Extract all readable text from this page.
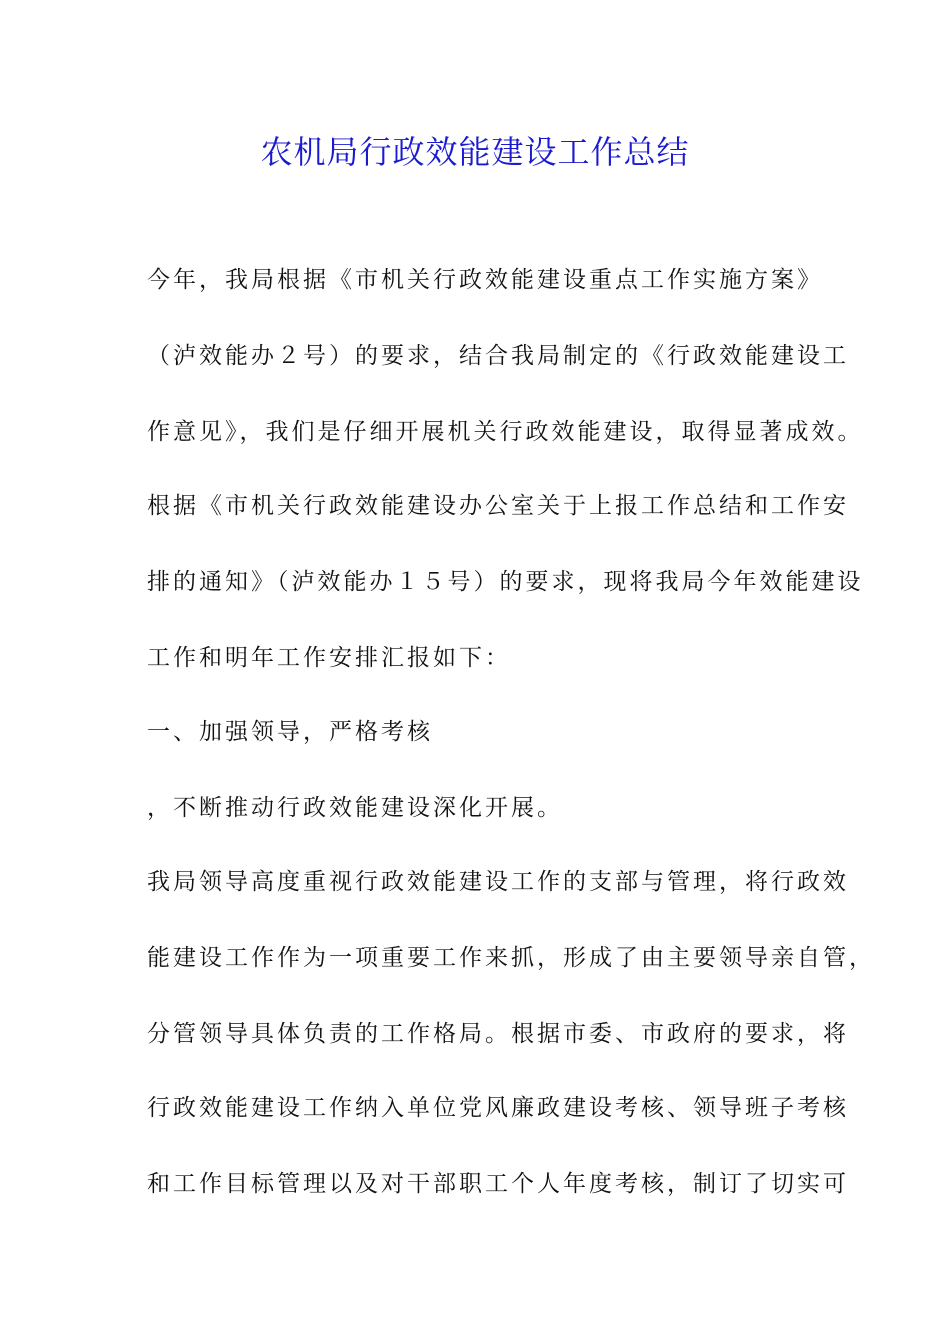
农机局行政效能建设工作总结
今年，我局根据《市机关行政效能建设重点工作实施方案》
（泸效能办２号）的要求，结合我局制定的《行政效能建设工
作意见》，我们是仔细开展机关行政效能建设，取得显著成效。
根据《市机关行政效能建设办公室关于上报工作总结和工作安
排的通知》（泸效能办１５号）的要求，现将我局今年效能建设
工作和明年工作安排汇报如下：
一、加强领导，严格考核
，不断推动行政效能建设深化开展。
我局领导高度重视行政效能建设工作的支部与管理，将行政效
能建设工作作为一项重要工作来抓，形成了由主要领导亲自管，
分管领导具体负责的工作格局。根据市委、市政府的要求，将
行政效能建设工作纳入单位党风廉政建设考核、领导班子考核
和工作目标管理以及对干部职工个人年度考核，制订了切实可
